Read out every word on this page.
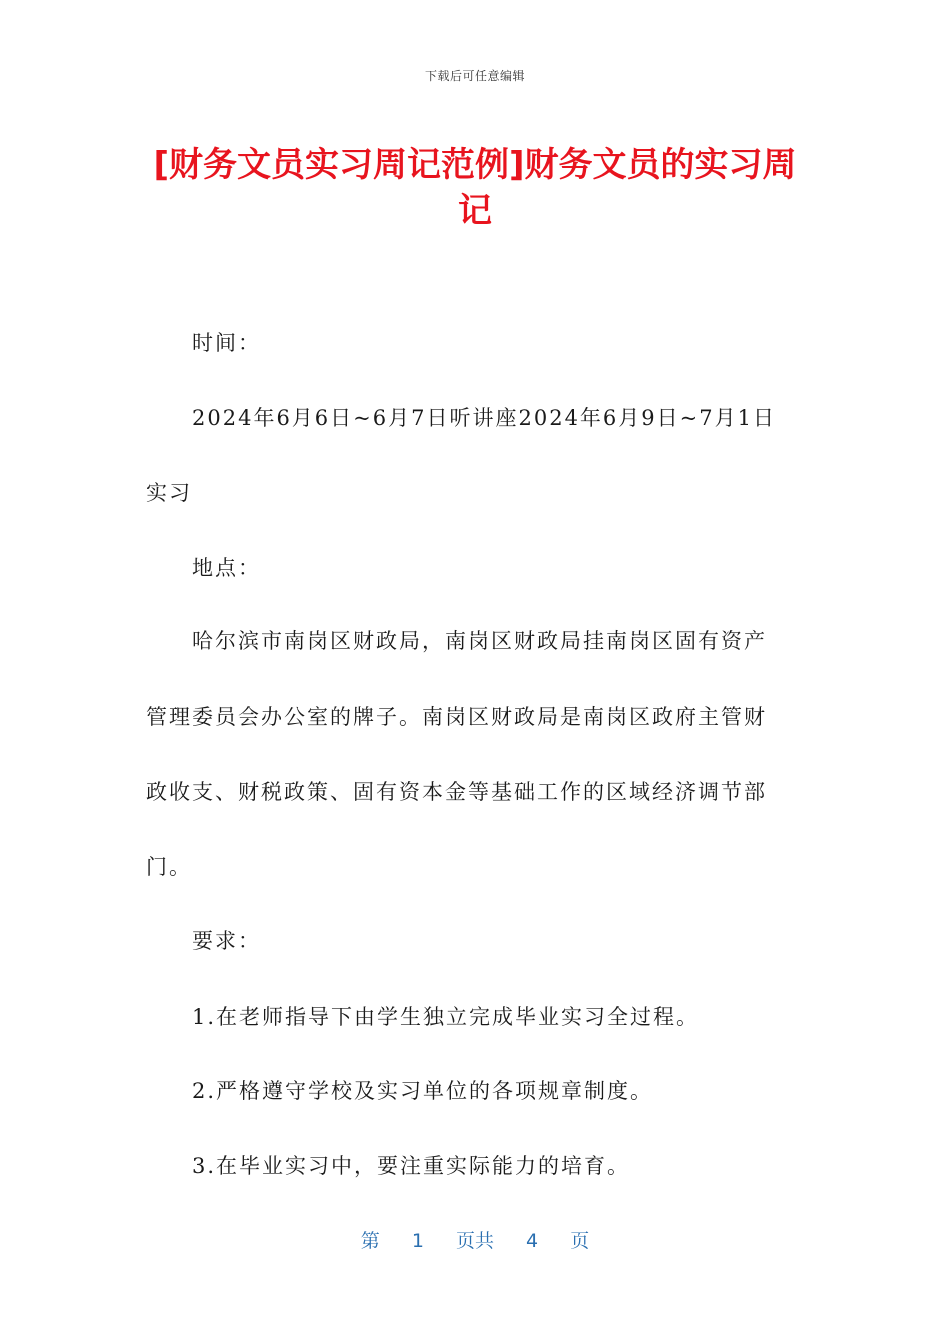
下载后可任意编辑
[财务文员实习周记范例]财务文员的实习周记
时间：
2024年6月6日~6月7日听讲座2024年6月9日~7月1日
实习
地点：
哈尔滨市南岗区财政局，南岗区财政局挂南岗区固有资产
管理委员会办公室的牌子。南岗区财政局是南岗区政府主管财
政收支、财税政策、固有资本金等基础工作的区域经济调节部
门。
要求：
1.在老师指导下由学生独立完成毕业实习全过程。
2.严格遵守学校及实习单位的各项规章制度。
3.在毕业实习中，要注重实际能力的培育。
第 1 页共 4 页
